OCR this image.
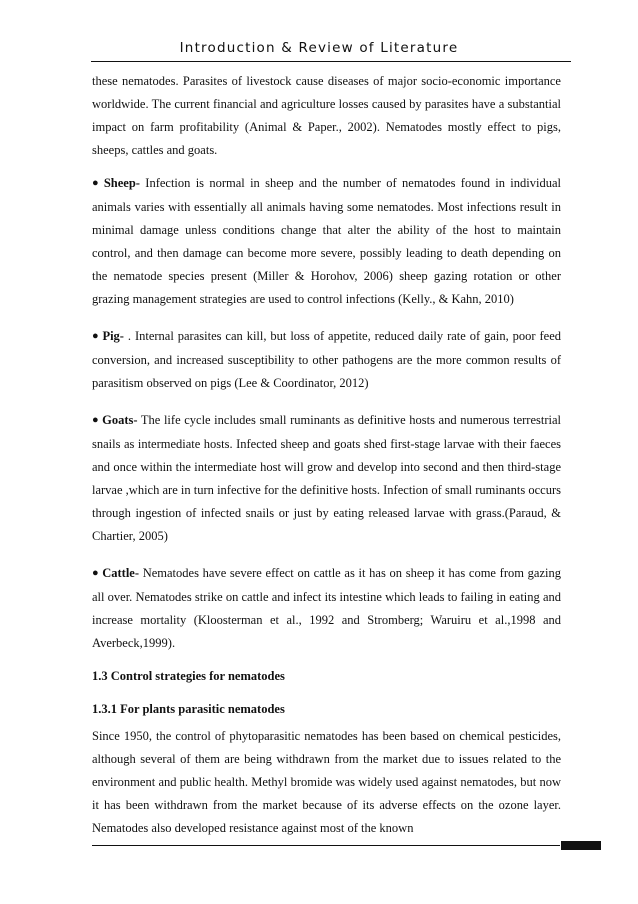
Introduction & Review of Literature

these nematodes. Parasites of livestock cause diseases of major socio-economic importance worldwide. The current financial and agriculture losses caused by parasites have a substantial impact on farm profitability (Animal & Paper., 2002). Nematodes mostly effect to pigs, sheeps, cattles and goats.

● Sheep- Infection is normal in sheep and the number of nematodes found in individual animals varies with essentially all animals having some nematodes. Most infections result in minimal damage unless conditions change that alter the ability of the host to maintain control, and then damage can become more severe, possibly leading to death depending on the nematode species present (Miller & Horohov, 2006) sheep gazing rotation or other grazing management strategies are used to control infections (Kelly., & Kahn, 2010)

● Pig- . Internal parasites can kill, but loss of appetite, reduced daily rate of gain, poor feed conversion, and increased susceptibility to other pathogens are the more common results of parasitism observed on pigs (Lee & Coordinator, 2012)

● Goats- The life cycle includes small ruminants as definitive hosts and numerous terrestrial snails as intermediate hosts. Infected sheep and goats shed first-stage larvae with their faeces and once within the intermediate host will grow and develop into second and then third-stage larvae ,which are in turn infective for the definitive hosts. Infection of small ruminants occurs through ingestion of infected snails or just by eating released larvae with grass.(Paraud, & Chartier, 2005)

● Cattle- Nematodes have severe effect on cattle as it has on sheep it has come from gazing all over. Nematodes strike on cattle and infect its intestine which leads to failing in eating and increase mortality (Kloosterman et al., 1992 and Stromberg; Waruiru et al.,1998 and Averbeck,1999).

1.3 Control strategies for nematodes

1.3.1 For plants parasitic nematodes

Since 1950, the control of phytoparasitic nematodes has been based on chemical pesticides, although several of them are being withdrawn from the market due to issues related to the environment and public health. Methyl bromide was widely used against nematodes, but now it has been withdrawn from the market because of its adverse effects on the ozone layer. Nematodes also developed resistance against most of the known
